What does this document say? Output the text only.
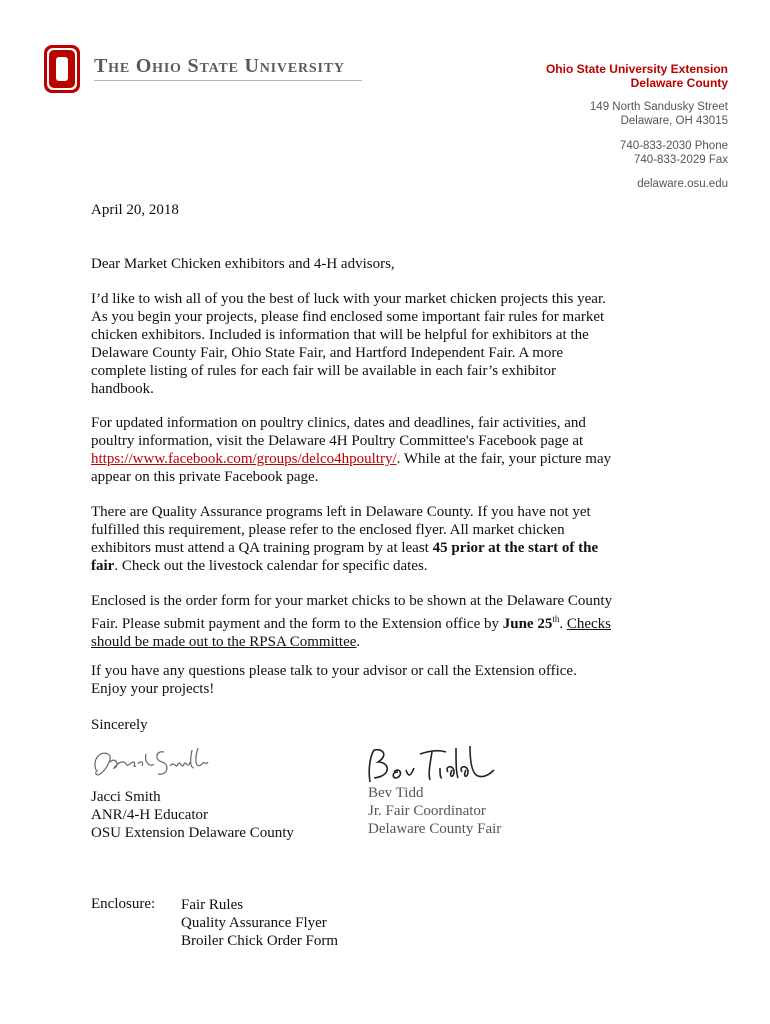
The Ohio State University	Ohio State University Extension
Delaware County
149 North Sandusky Street
Delaware, OH 43015
740-833-2030 Phone
740-833-2029 Fax
delaware.osu.edu
April 20, 2018
Dear Market Chicken exhibitors and 4-H advisors,

I’d like to wish all of you the best of luck with your market chicken projects this year. As you begin your projects, please find enclosed some important fair rules for market chicken exhibitors. Included is information that will be helpful for exhibitors at the Delaware County Fair, Ohio State Fair, and Hartford Independent Fair. A more complete listing of rules for each fair will be available in each fair’s exhibitor handbook.

For updated information on poultry clinics, dates and deadlines, fair activities, and poultry information, visit the Delaware 4H Poultry Committee's Facebook page at https://www.facebook.com/groups/delco4hpoultry/. While at the fair, your picture may appear on this private Facebook page.

There are Quality Assurance programs left in Delaware County. If you have not yet fulfilled this requirement, please refer to the enclosed flyer. All market chicken exhibitors must attend a QA training program by at least 45 prior at the start of the fair. Check out the livestock calendar for specific dates.

Enclosed is the order form for your market chicks to be shown at the Delaware County Fair. Please submit payment and the form to the Extension office by June 25th. Checks should be made out to the RPSA Committee.

If you have any questions please talk to your advisor or call the Extension office.

Enjoy your projects!

Sincerely
Jacci Smith
ANR/4-H Educator
OSU Extension Delaware County
Bev Tidd
Jr. Fair Coordinator
Delaware County Fair
Enclosure: Fair Rules
Quality Assurance Flyer
Broiler Chick Order Form
